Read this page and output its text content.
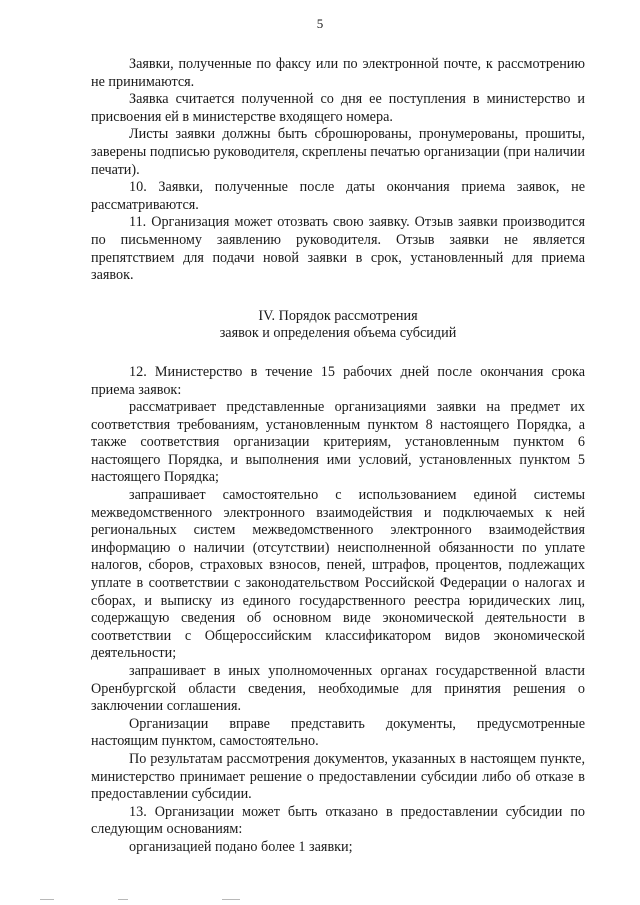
5

Заявки, полученные по факсу или по электронной почте, к рассмотрению не принимаются.

Заявка считается полученной со дня ее поступления в министерство и присвоения ей в министерстве входящего номера.

Листы заявки должны быть сброшюрованы, пронумерованы, прошиты, заверены подписью руководителя, скреплены печатью организации (при наличии печати).

10. Заявки, полученные после даты окончания приема заявок, не рассматриваются.

11. Организация может отозвать свою заявку. Отзыв заявки производится по письменному заявлению руководителя. Отзыв заявки не является препятствием для подачи новой заявки в срок, установленный для приема заявок.

IV. Порядок рассмотрения
заявок и определения объема субсидий

12. Министерство в течение 15 рабочих дней после окончания срока приема заявок:

рассматривает представленные организациями заявки на предмет их соответствия требованиям, установленным пунктом 8 настоящего Порядка, а также соответствия организации критериям, установленным пунктом 6 настоящего Порядка, и выполнения ими условий, установленных пунктом 5 настоящего Порядка;

запрашивает самостоятельно с использованием единой системы межведомственного электронного взаимодействия и подключаемых к ней региональных систем межведомственного электронного взаимодействия информацию о наличии (отсутствии) неисполненной обязанности по уплате налогов, сборов, страховых взносов, пеней, штрафов, процентов, подлежащих уплате в соответствии с законодательством Российской Федерации о налогах и сборах, и выписку из единого государственного реестра юридических лиц, содержащую сведения об основном виде экономической деятельности в соответствии с Общероссийским классификатором видов экономической деятельности;

запрашивает в иных уполномоченных органах государственной власти Оренбургской области сведения, необходимые для принятия решения о заключении соглашения.

Организации вправе представить документы, предусмотренные настоящим пунктом, самостоятельно.

По результатам рассмотрения документов, указанных в настоящем пункте, министерство принимает решение о предоставлении субсидии либо об отказе в предоставлении субсидии.

13. Организации может быть отказано в предоставлении субсидии по следующим основаниям:

организацией подано более 1 заявки;
